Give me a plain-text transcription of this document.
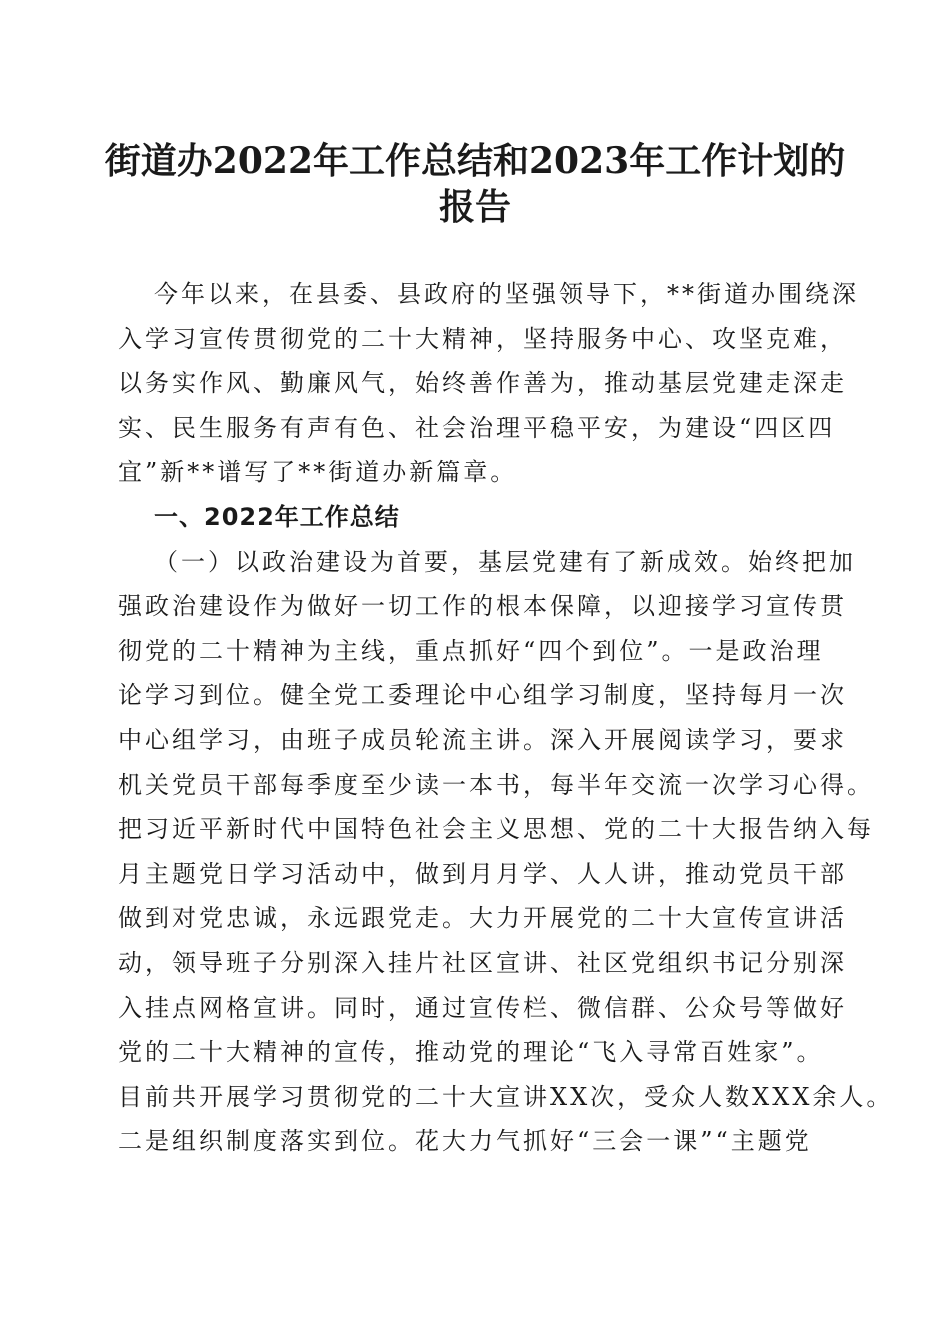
街道办2022年工作总结和2023年工作计划的
报告
今年以来，在县委、县政府的坚强领导下，**街道办围绕深
入学习宣传贯彻党的二十大精神，坚持服务中心、攻坚克难，
以务实作风、勤廉风气，始终善作善为，推动基层党建走深走
实、民生服务有声有色、社会治理平稳平安，为建设“四区四
宜”新**谱写了**街道办新篇章。
一、2022年工作总结
（一）以政治建设为首要，基层党建有了新成效。始终把加
强政治建设作为做好一切工作的根本保障，以迎接学习宣传贯
彻党的二十精神为主线，重点抓好“四个到位”。一是政治理
论学习到位。健全党工委理论中心组学习制度，坚持每月一次
中心组学习，由班子成员轮流主讲。深入开展阅读学习，要求
机关党员干部每季度至少读一本书，每半年交流一次学习心得。
把习近平新时代中国特色社会主义思想、党的二十大报告纳入每
月主题党日学习活动中，做到月月学、人人讲，推动党员干部
做到对党忠诚，永远跟党走。大力开展党的二十大宣传宣讲活
动，领导班子分别深入挂片社区宣讲、社区党组织书记分别深
入挂点网格宣讲。同时，通过宣传栏、微信群、公众号等做好
党的二十大精神的宣传，推动党的理论“飞入寻常百姓家”。
目前共开展学习贯彻党的二十大宣讲XX次，受众人数XXX余人。
二是组织制度落实到位。花大力气抓好“三会一课”“主题党
